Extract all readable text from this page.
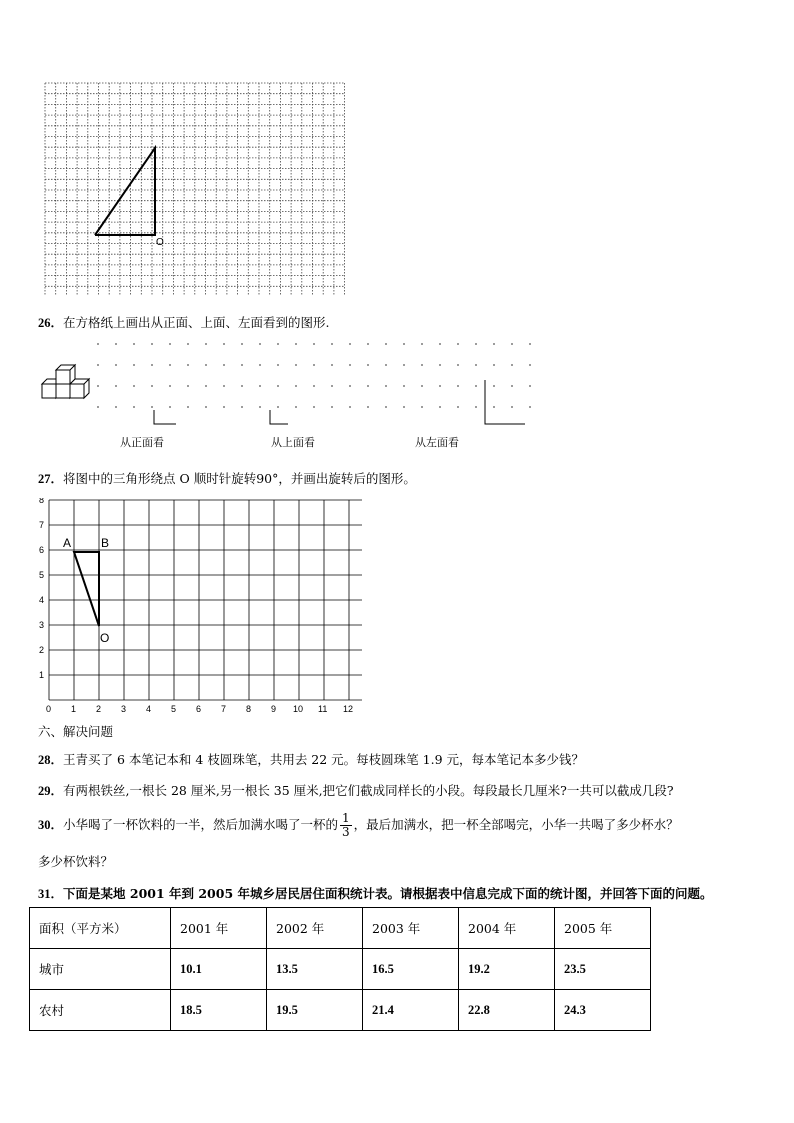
O
26．在方格纸上画出从正面、上面、左面看到的图形.
从正面看	从上面看	从左面看
27．将图中的三角形绕点 O 顺时针旋转90°，并画出旋转后的图形。
0 1 2 3 4 5 6 7 8 9 10 11 12
1
2
3
4
5
6
7
8
A B
O
六、解决问题
28．王青买了 6 本笔记本和 4 枝圆珠笔，共用去 22 元。每枝圆珠笔 1.9 元，每本笔记本多少钱？
29．有两根铁丝,一根长 28 厘米,另一根长 35 厘米,把它们截成同样长的小段。每段最长几厘米?一共可以截成几段?
30．小华喝了一杯饮料的一半，然后加满水喝了一杯的 $\frac{1}{3}$ ，最后加满水，把一杯全部喝完，小华一共喝了多少杯水？
多少杯饮料？
31．下面是某地 2001 年到 2005 年城乡居民居住面积统计表。请根据表中信息完成下面的统计图，并回答下面的问题。
面积（平方米）	2001 年	2002 年	2003 年	2004 年	2005 年
城市	10.1	13.5	16.5	19.2	23.5
农村	18.5	19.5	21.4	22.8	24.3
